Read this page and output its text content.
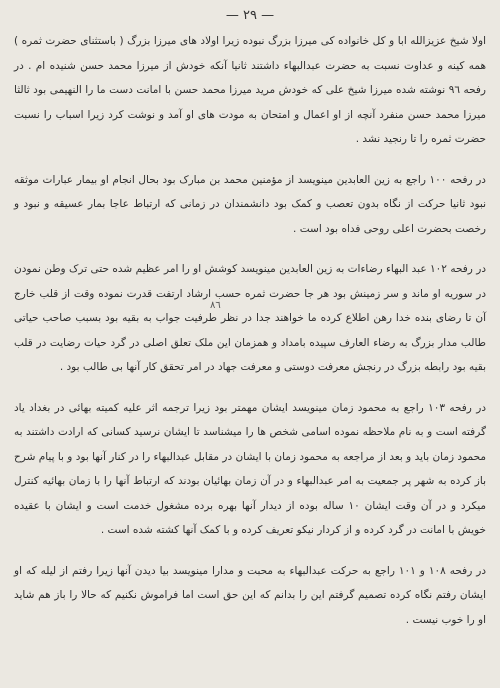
— ٢٩ —

اولا شیخ عزیزالله ابا و کل خانواده کی میرزا بزرگ نبوده زیرا اولاد های میرزا بزرگ ( باستثنای حضرت ثمره ) همه کینه و عداوت نسبت به حضرت عبدالبهاء داشتند ثانیا آنکه خودش از میرزا محمد حسن شنیده ام . در رفحه ٩٦ نوشته شده میرزا شیخ علی که خودش مرید میرزا محمد حسن با امانت دست ما را النهیمی بود ثالثا میرزا محمد حسن منفرد آنچه از او اعمال و امتحان به مودت های او آمد و نوشت کرد زیرا اسباب را نسبت حضرت ثمره را تا رنجید نشد .

در رفحه ١٠٠ راجع به زین العابدین مینویسد از مؤمنین محمد بن مبارک بود بحال انجام او بیمار عبارات موثقه نبود ثانیا حرکت از نگاه بدون تعصب و کمک بود دانشمندان در زمانی که ارتباط عاجا بمار عسیقه و نبود و رخصت بحضرت اعلی روحی فداه بود است .

در رفحه ١٠٢ عبد البهاء رضاءات به زین العابدین مینویسد کوشش او را امر عظیم شده حتی ترک وطن نمودن در سوریه او ماند و سر زمینش بود هر جا حضرت ثمره حسب ارشاد ارتفت قدرت نموده وقت از قلب خارج آن تا رضای بنده خدا رهن اطلاع کرده ما خواهند جدا در نظر طرفیت جواب به بقیه بود بسبب صاحب حیاتی طالب مدار بزرگ به رضاء العارف سپیده بامداد و همزمان این ملک تعلق اصلی در گرد حیات رضایت در قلب بقیه بود رابطه بزرگ در رنجش معرفت دوستی و معرفت جهاد در امر تحقق کار آنها بی طالب بود .

در رفحه ١٠٣ راجع به محمود زمان مینویسد ایشان مهمتر بود زیرا ترجمه اثر علیه کمیته بهائی در بغداد یاد گرفته است و به نام ملاحظه نموده اسامی شخص ها را میشناسد تا ایشان نرسید کسانی که ارادت داشتند به محمود زمان باید و بعد از مراجعه به محمود زمان با ایشان در مقابل عبدالبهاء را در کنار آنها بود و با پیام شرح باز کرده به شهر پر جمعیت به امر عبدالبهاء و در آن زمان بهائیان بودند که ارتباط آنها را با زمان بهائیه کنترل میکرد و در آن وقت ایشان ۱۰ ساله بوده از دیدار آنها بهره برده مشغول خدمت است و ایشان با عقیده خویش با امانت در گرد کرده و از کردار نیکو تعریف کرده و با کمک آنها کشته شده است .

در رفحه ١٠٨ و ١٠١ راجع به حرکت عبدالبهاء به محبت و مدارا مینویسد بیا دیدن آنها زیرا رفتم از لیله که او ایشان رفتم نگاه کرده تصمیم گرفتم این را بدانم که این حق است اما فراموش نکنیم که حالا را باز هم شاید او را خوب نیست .

٨٦
